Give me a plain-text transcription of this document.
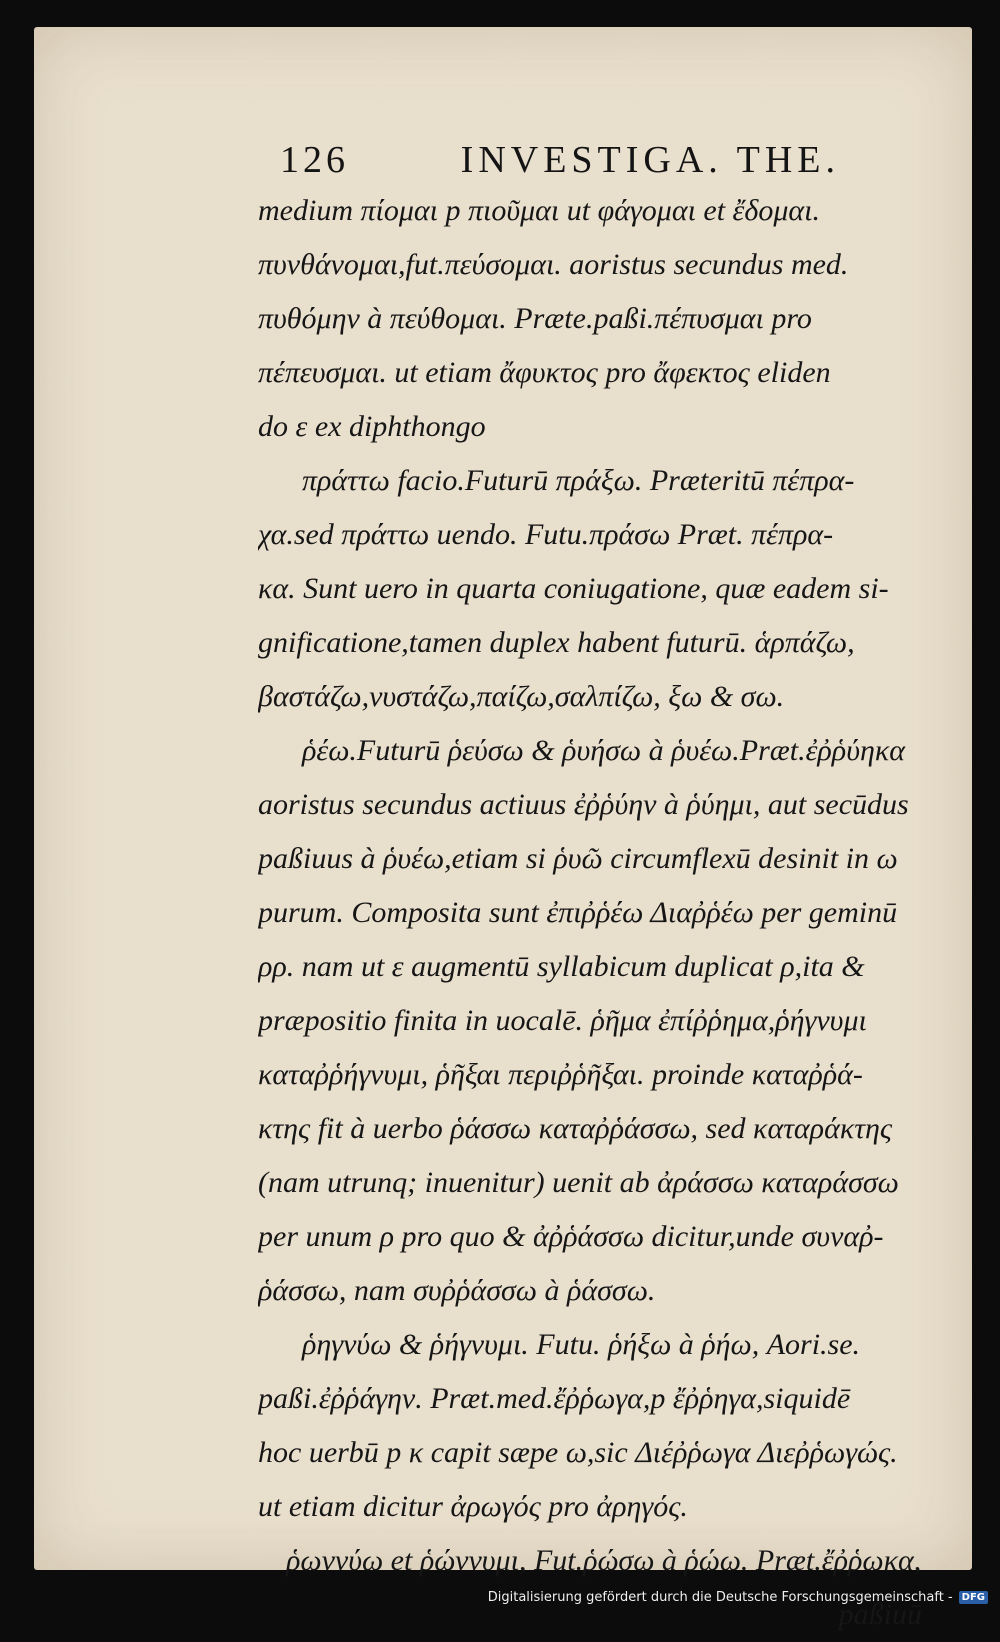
126	INVESTIGA. THE.
medium πίομαι p πιοῦμαι ut φάγομαι et ἔδομαι.
πυνθάνομαι,fut.πεύσομαι. aoristus secundus med.
πυθόμην à πεύθομαι. Præte.paßi.πέπυσμαι pro
πέπευσμαι. ut etiam ἄφυκτος pro ἄφεκτος eliden
do ε ex diphthongo
πράττω facio.Futurū πράξω. Præteritū πέπρα-
χα.sed πράττω uendo. Futu.πράσω Præt. πέπρα-
κα. Sunt uero in quarta coniugatione, quæ eadem si-
gnificatione,tamen duplex habent futurū. ἁρπάζω,
βαστάζω,νυστάζω,παίζω,σαλπίζω, ξω & σω.
ῥέω.Futurū ῥεύσω & ῥυήσω à ῥυέω.Præt.ἐῤῥύηκα
aoristus secundus actiuus ἐῤῥύην à ῥύημι, aut secūdus
paßiuus à ῥυέω,etiam si ῥυῶ circumflexū desinit in ω
purum. Composita sunt ἐπιῤῥέω Διαῤῥέω per geminū
ρρ. nam ut ε augmentū syllabicum duplicat ρ,ita &
præpositio finita in uocalē. ῥῆμα ἐπίῤῥημα,ῥήγνυμι
καταῤῥήγνυμι, ῥῆξαι περιῤῥῆξαι. proinde καταῤῥά-
κτης fit à uerbo ῥάσσω καταῤῥάσσω, sed καταράκτης
(nam utrunq; inuenitur) uenit ab ἀράσσω καταράσσω
per unum ρ pro quo & ἀῤῥάσσω dicitur,unde συναῤ-
ῥάσσω, nam συῤῥάσσω à ῥάσσω.
ῥηγνύω & ῥήγνυμι. Futu. ῥήξω à ῥήω, Aori.se.
paßi.ἐῤῥάγην. Præt.med.ἔῤῥωγα,p ἔῤῥηγα,siquidē
hoc uerbū p κ capit sæpe ω,sic Διέῤῥωγα Διεῤῥωγώς.
ut etiam dicitur ἀρωγός pro ἀρηγός.
ῥωννύω et ῥώννυμι, Fut.ῥώσω à ῥώω. Præt.ἔῤῥωκα,
paßiuū
Digitalisierung gefördert durch die Deutsche Forschungsgemeinschaft - DFG
